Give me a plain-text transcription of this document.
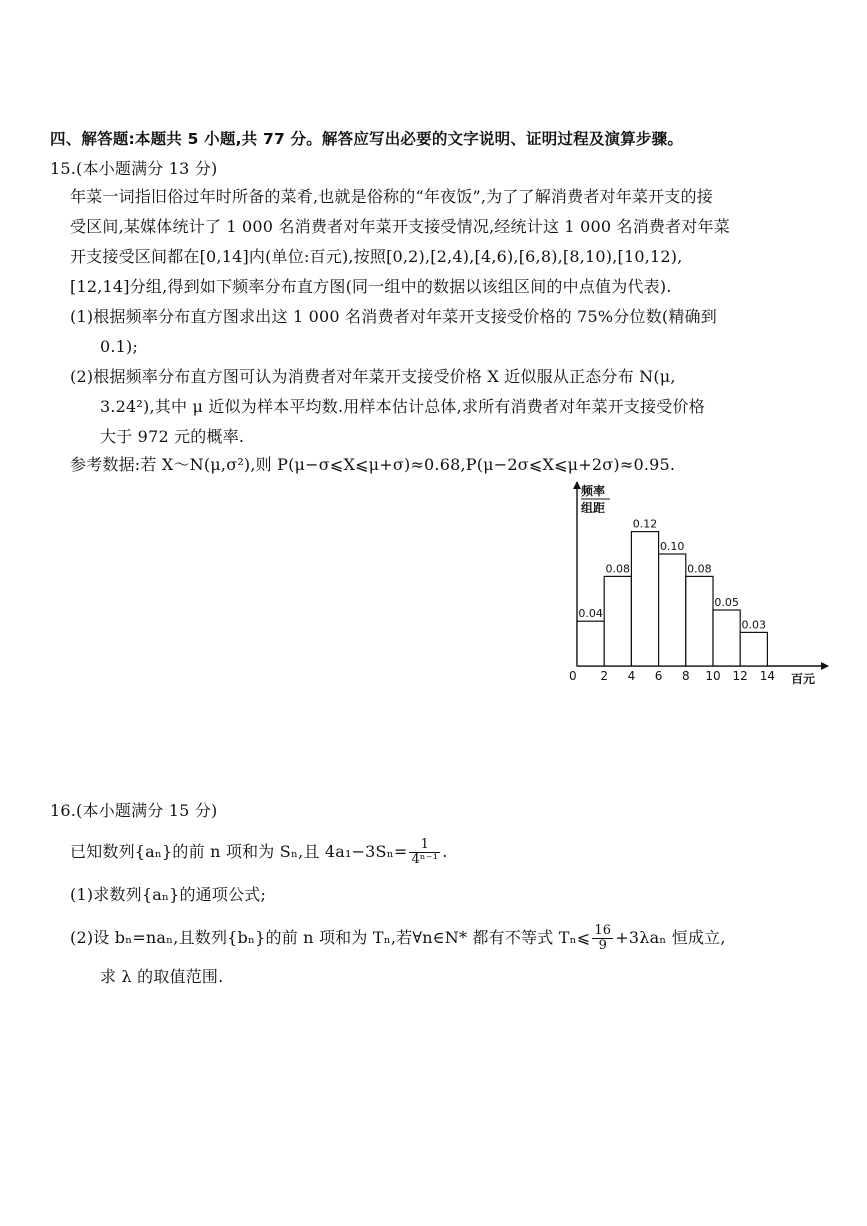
四、解答题:本题共 5 小题,共 77 分。解答应写出必要的文字说明、证明过程及演算步骤。
15.(本小题满分 13 分)
年菜一词指旧俗过年时所备的菜肴,也就是俗称的“年夜饭”,为了了解消费者对年菜开支的接
受区间,某媒体统计了 1 000 名消费者对年菜开支接受情况,经统计这 1 000 名消费者对年菜
开支接受区间都在[0,14]内(单位:百元),按照[0,2),[2,4),[4,6),[6,8),[8,10),[10,12),
[12,14]分组,得到如下频率分布直方图(同一组中的数据以该组区间的中点值为代表).
(1)根据频率分布直方图求出这 1 000 名消费者对年菜开支接受价格的 75%分位数(精确到
0.1);
(2)根据频率分布直方图可认为消费者对年菜开支接受价格 X 近似服从正态分布 N(μ,
3.24²),其中 μ 近似为样本平均数.用样本估计总体,求所有消费者对年菜开支接受价格
大于 972 元的概率.
参考数据:若 X～N(μ,σ²),则 P(μ−σ⩽X⩽μ+σ)≈0.68,P(μ−2σ⩽X⩽μ+2σ)≈0.95.
频率
组距
0	百元
0.04
0.08
0.12
0.10
0.08
0.05
0.03
2 4 6 8 10 12 14
16.(本小题满分 15 分)
已知数列{aₙ}的前 n 项和为 Sₙ,且 $4a_1-3S_n= \frac{1}{\text{4ⁿ⁻¹}}$ .
(1)求数列{aₙ}的通项公式;
(2)设 bₙ=naₙ,且数列{bₙ}的前 n 项和为 Tₙ,若∀n∈N* 都有不等式 Tₙ⩽ $\frac{16}{9} +3\lambda a_n$ 恒成立,
求 λ 的取值范围.
